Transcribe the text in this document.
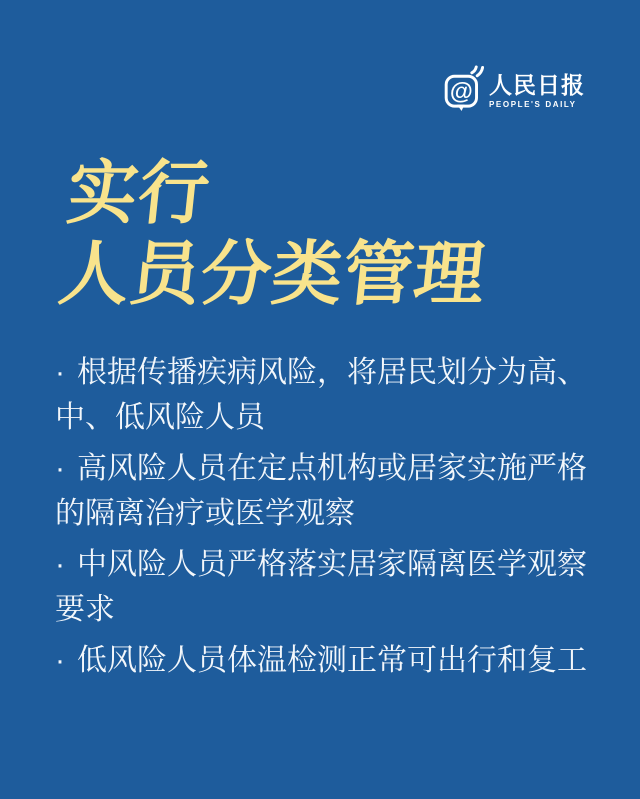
@ 人民日报
PEOPLE'S DAILY
实行
人员分类管理

· 根据传播疾病风险，将居民划分为高、中、低风险人员

· 高风险人员在定点机构或居家实施严格的隔离治疗或医学观察

· 中风险人员严格落实居家隔离医学观察要求

· 低风险人员体温检测正常可出行和复工
